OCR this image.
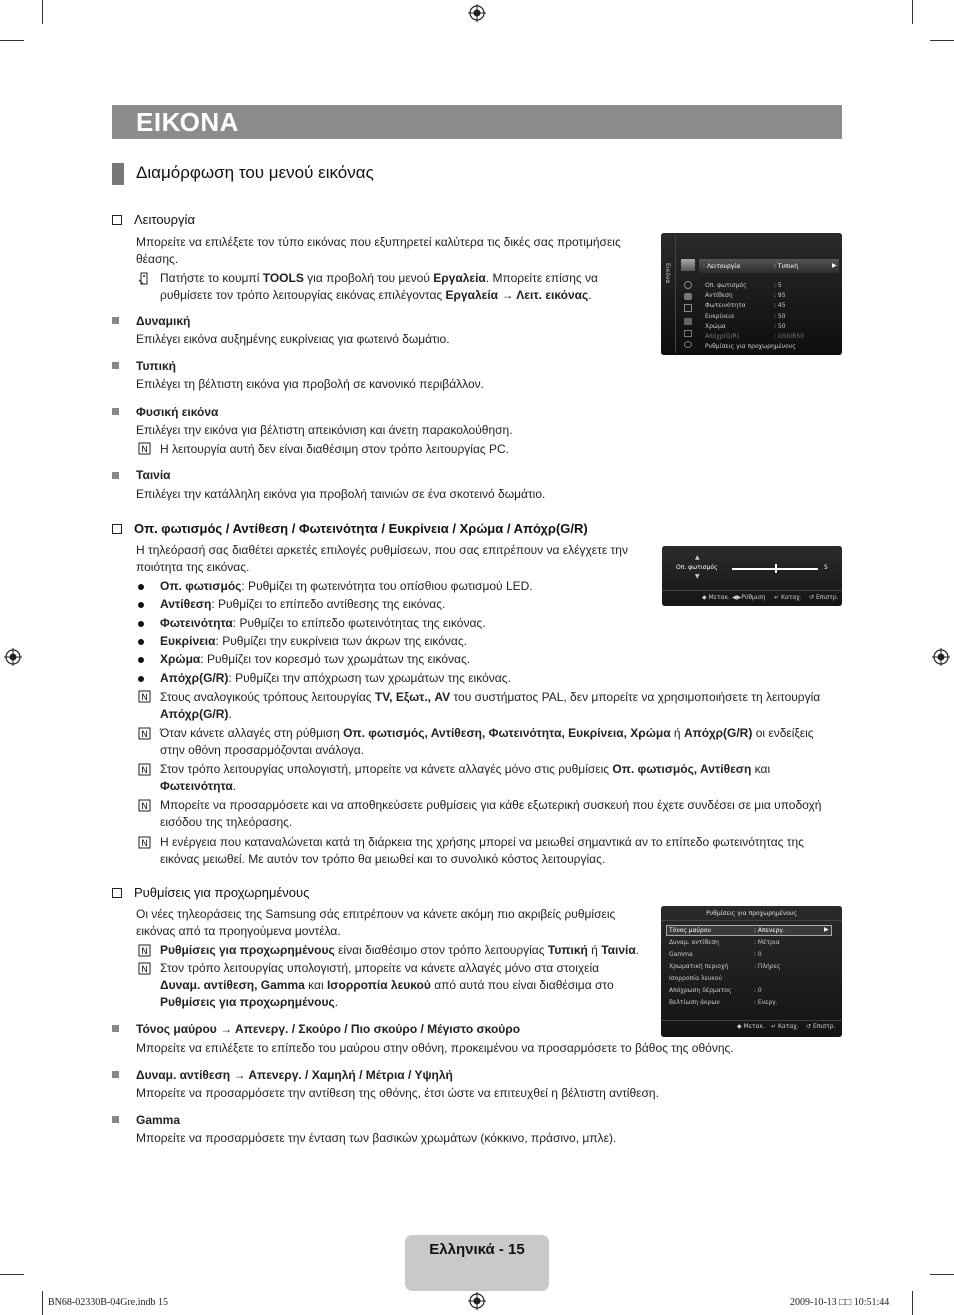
ΕΙΚΟΝΑ
Διαμόρφωση του μενού εικόνας
Λειτουργία
Μπορείτε να επιλέξετε τον τύπο εικόνας που εξυπηρετεί καλύτερα τις δικές σας προτιμήσεις θέασης.
Πατήστε το κουμπί TOOLS για προβολή του μενού Εργαλεία. Μπορείτε επίσης να ρυθμίσετε τον τρόπο λειτουργίας εικόνας επιλέγοντας Εργαλεία → Λειτ. εικόνας.
Δυναμική
Επιλέγει εικόνα αυξημένης ευκρίνειας για φωτεινό δωμάτιο.
Τυπική
Επιλέγει τη βέλτιστη εικόνα για προβολή σε κανονικό περιβάλλον.
Φυσική εικόνα
Επιλέγει την εικόνα για βέλτιστη απεικόνιση και άνετη παρακολούθηση.
N Η λειτουργία αυτή δεν είναι διαθέσιμη στον τρόπο λειτουργίας PC.
Ταινία
Επιλέγει την κατάλληλη εικόνα για προβολή ταινιών σε ένα σκοτεινό δωμάτιο.
Εικόνα	· Λειτουργία	: Τυπική	▶
Οπ. φωτισμός	: 5
Αντίθεση	: 95
Φωτεινότητα	: 45
Ευκρίνεια	: 50
Χρώμα	: 50
Απόχρ(G/R)	: G50/R50
Ρυθμίσεις για προχωρημένους
Οπ. φωτισμός / Αντίθεση / Φωτεινότητα / Ευκρίνεια / Χρώμα / Απόχρ(G/R)
Η τηλεόρασή σας διαθέτει αρκετές επιλογές ρυθμίσεων, που σας επιτρέπουν να ελέγχετε την ποιότητα της εικόνας.
Οπ. φωτισμός: Ρυθμίζει τη φωτεινότητα του οπίσθιου φωτισμού LED.
Αντίθεση: Ρυθμίζει το επίπεδο αντίθεσης της εικόνας.
Φωτεινότητα: Ρυθμίζει το επίπεδο φωτεινότητας της εικόνας.
Ευκρίνεια: Ρυθμίζει την ευκρίνεια των άκρων της εικόνας.
Χρώμα: Ρυθμίζει τον κορεσμό των χρωμάτων της εικόνας.
Απόχρ(G/R): Ρυθμίζει την απόχρωση των χρωμάτων της εικόνας.
N Στους αναλογικούς τρόπους λειτουργίας TV, Εξωτ., AV του συστήματος PAL, δεν μπορείτε να χρησιμοποιήσετε τη λειτουργία Απόχρ(G/R).
N Όταν κάνετε αλλαγές στη ρύθμιση Οπ. φωτισμός, Αντίθεση, Φωτεινότητα, Ευκρίνεια, Χρώμα ή Απόχρ(G/R) οι ενδείξεις στην οθόνη προσαρμόζονται ανάλογα.
N Στον τρόπο λειτουργίας υπολογιστή, μπορείτε να κάνετε αλλαγές μόνο στις ρυθμίσεις Οπ. φωτισμός, Αντίθεση και Φωτεινότητα.
N Μπορείτε να προσαρμόσετε και να αποθηκεύσετε ρυθμίσεις για κάθε εξωτερική συσκευή που έχετε συνδέσει σε μια υποδοχή εισόδου της τηλεόρασης.
N Η ενέργεια που καταναλώνεται κατά τη διάρκεια της χρήσης μπορεί να μειωθεί σημαντικά αν το επίπεδο φωτεινότητας της εικόνας μειωθεί. Με αυτόν τον τρόπο θα μειωθεί και το συνολικό κόστος λειτουργίας.
▲
▼
Οπ. φωτισμός	5
◆ Μετακ. ◀▶Ρύθμιση ↵ Καταχ. ↺ Επιστρ.
Ρυθμίσεις για προχωρημένους
Οι νέες τηλεοράσεις της Samsung σάς επιτρέπουν να κάνετε ακόμη πιο ακριβείς ρυθμίσεις εικόνας από τα προηγούμενα μοντέλα.
N Ρυθμίσεις για προχωρημένους είναι διαθέσιμο στον τρόπο λειτουργίας Τυπική ή Ταινία.
N Στον τρόπο λειτουργίας υπολογιστή, μπορείτε να κάνετε αλλαγές μόνο στα στοιχεία Δυναμ. αντίθεση, Gamma και Ισορροπία λευκού από αυτά που είναι διαθέσιμα στο Ρυθμίσεις για προχωρημένους.
Τόνος μαύρου → Απενεργ. / Σκούρο / Πιο σκούρο / Μέγιστο σκούρο
Μπορείτε να επιλέξετε το επίπεδο του μαύρου στην οθόνη, προκειμένου να προσαρμόσετε το βάθος της οθόνης.
Δυναμ. αντίθεση → Απενεργ. / Χαμηλή / Μέτρια / Υψηλή
Μπορείτε να προσαρμόσετε την αντίθεση της οθόνης, έτσι ώστε να επιτευχθεί η βέλτιστη αντίθεση.
Gamma
Μπορείτε να προσαρμόσετε την ένταση των βασικών χρωμάτων (κόκκινο, πράσινο, μπλε).
Ρυθμίσεις για προχωρημένους
▶
Τόνος μαύρου	: Απενεργ.
Δυναμ. αντίθεση	: Μέτρια
Gamma	: 0
Χρωματική περιοχή	: Πλήρες
Ισορροπία λευκού
Απόχρωση δέρματος	: 0
Βελτίωση άκρων	: Ενεργ.
◆ Μετακ. ↵ Καταχ. ↺ Επιστρ.
Ελληνικά - 15
BN68-02330B-04Gre.indb 15	2009-10-13 □□ 10:51:44
